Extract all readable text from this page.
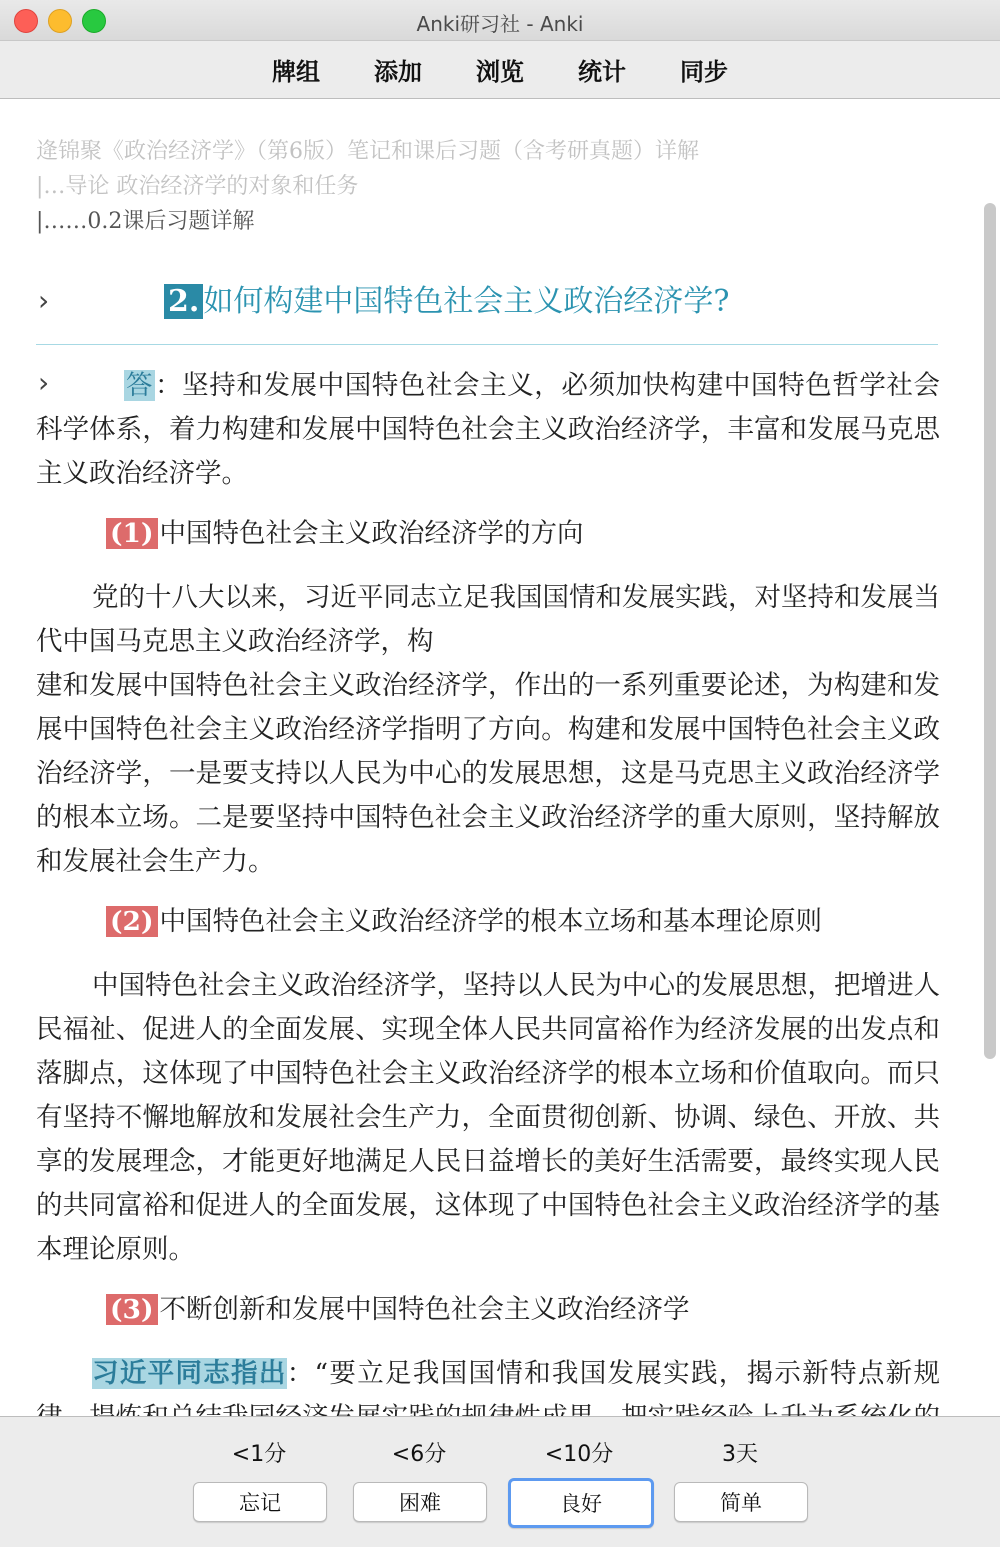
Anki研习社 - Anki
牌组 添加 浏览 统计 同步
逄锦聚《政治经济学》（第6版）笔记和课后习题（含考研真题）详解
|…导论 政治经济学的对象和任务
|……0.2课后习题详解
›	2. 如何构建中国特色社会主义政治经济学?
›	答：坚持和发展中国特色社会主义，必须加快构建中国特色哲学社会科学体系，着力构建和发展中国特色社会主义政治经济学，丰富和发展马克思主义政治经济学。

(1) 中国特色社会主义政治经济学的方向

党的十八大以来，习近平同志立足我国国情和发展实践，对坚持和发展当代中国马克思主义政治经济学，构

建和发展中国特色社会主义政治经济学，作出的一系列重要论述，为构建和发展中国特色社会主义政治经济学指明了方向。构建和发展中国特色社会主义政治经济学，一是要支持以人民为中心的发展思想，这是马克思主义政治经济学的根本立场。二是要坚持中国特色社会主义政治经济学的重大原则，坚持解放和发展社会生产力。

(2) 中国特色社会主义政治经济学的根本立场和基本理论原则

中国特色社会主义政治经济学，坚持以人民为中心的发展思想，把增进人民福祉、促进人的全面发展、实现全体人民共同富裕作为经济发展的出发点和落脚点，这体现了中国特色社会主义政治经济学的根本立场和价值取向。而只有坚持不懈地解放和发展社会生产力，全面贯彻创新、协调、绿色、开放、共享的发展理念，才能更好地满足人民日益增长的美好生活需要，最终实现人民的共同富裕和促进人的全面发展，这体现了中国特色社会主义政治经济学的基本理论原则。

(3) 不断创新和发展中国特色社会主义政治经济学

习近平同志指出：“要立足我国国情和我国发展实践，揭示新特点新规

<1分	<6分	<10分	3天
忘记	困难	良好	简单
